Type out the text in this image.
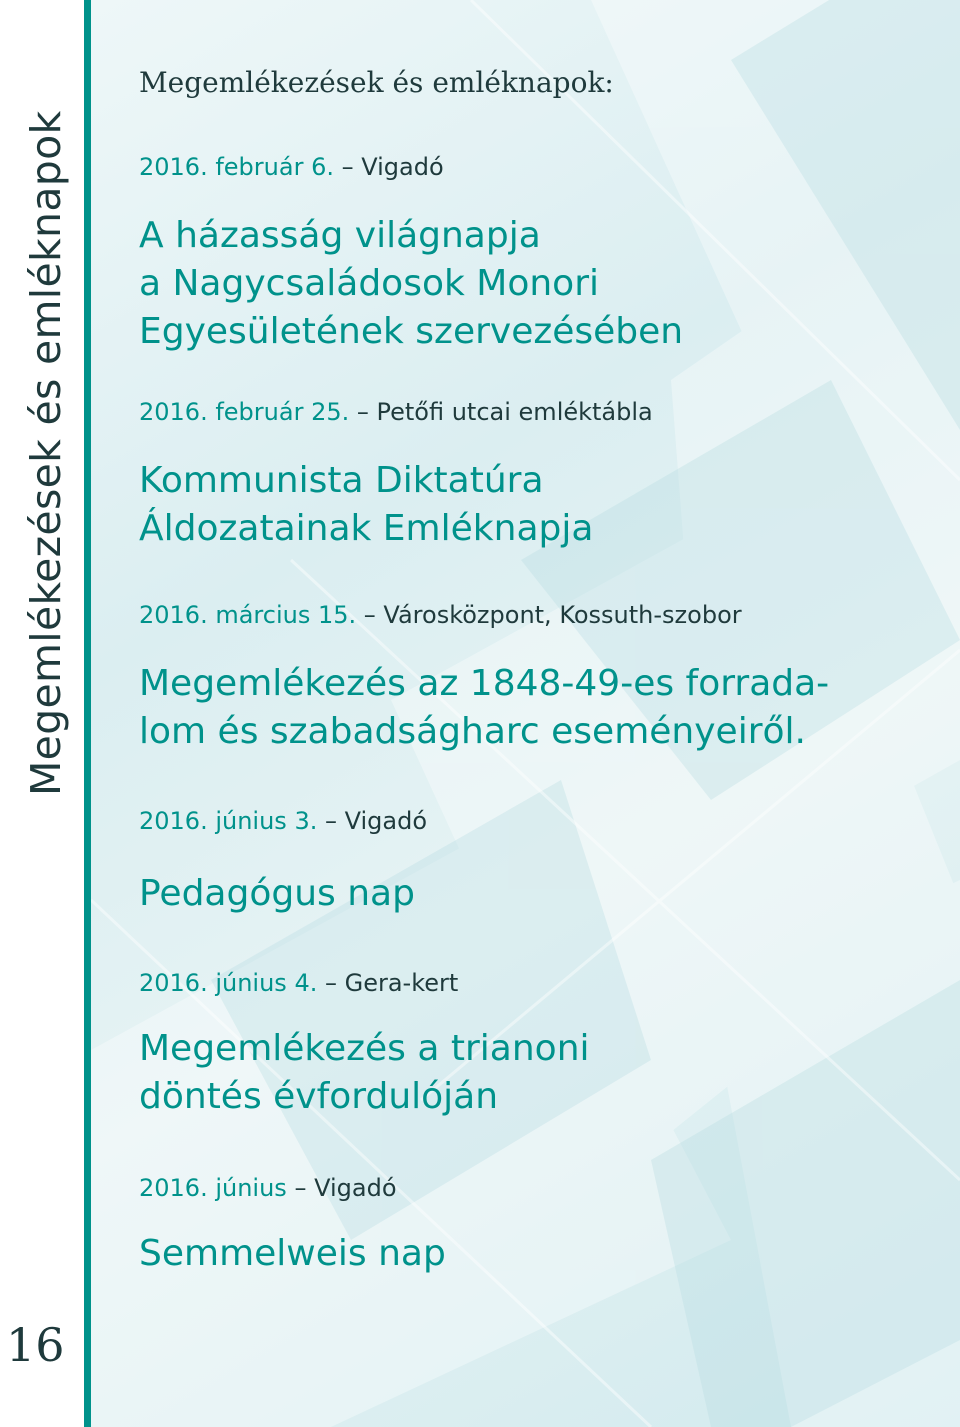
Megemlékezések és emléknapok
16
Megemlékezések és emléknapok:
2016. február 6. – Vigadó
A házasság világnapja
a Nagycsaládosok Monori
Egyesületének szervezésében
2016. február 25. – Petőfi utcai emléktábla
Kommunista Diktatúra
Áldozatainak Emléknapja
2016. március 15. – Városközpont, Kossuth-szobor
Megemlékezés az 1848-49-es forrada-
lom és szabadságharc eseményeiről.
2016. június 3. – Vigadó
Pedagógus nap
2016. június 4. – Gera-kert
Megemlékezés a trianoni
döntés évfordulóján
2016. június – Vigadó
Semmelweis nap
